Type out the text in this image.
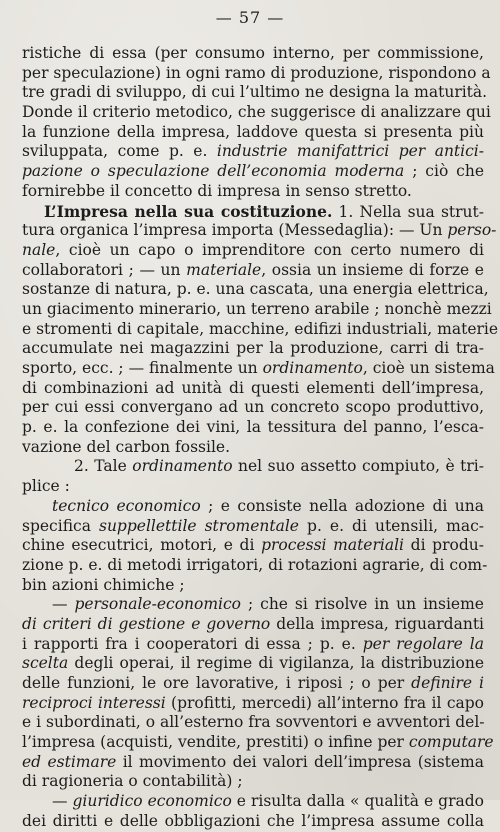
— 57 —
ristiche di essa (per consumo interno, per commissione,
per speculazione) in ogni ramo di produzione, rispondono a
tre gradi di sviluppo, di cui l’ultimo ne designa la maturità.
Donde il criterio metodico, che suggerisce di analizzare qui
la funzione della impresa, laddove questa si presenta più
sviluppata, come p. e. industrie manifattrici per antici-
pazione o speculazione dell’economia moderna ; ciò che
fornirebbe il concetto di impresa in senso stretto.
L’Impresa nella sua costituzione. 1. Nella sua strut-
tura organica l’impresa importa (Messedaglia): — Un perso-
nale, cioè un capo o imprenditore con certo numero di
collaboratori ; — un materiale, ossia un insieme di forze e
sostanze di natura, p. e. una cascata, una energia elettrica,
un giacimento minerario, un terreno arabile ; nonchè mezzi
e stromenti di capitale, macchine, edifizi industriali, materie
accumulate nei magazzini per la produzione, carri di tra-
sporto, ecc. ; — finalmente un ordinamento, cioè un sistema
di combinazioni ad unità di questi elementi dell’impresa,
per cui essi convergano ad un concreto scopo produttivo,
p. e. la confezione dei vini, la tessitura del panno, l’esca-
vazione del carbon fossile.
2. Tale ordinamento nel suo assetto compiuto, è tri-
plice :
tecnico economico ; e consiste nella adozione di una
specifica suppellettile stromentale p. e. di utensili, mac-
chine esecutrici, motori, e di processi materiali di produ-
zione p. e. di metodi irrigatori, di rotazioni agrarie, di com-
bin azioni chimiche ;
— personale-economico ; che si risolve in un insieme
di criteri di gestione e governo della impresa, riguardanti
i rapporti fra i cooperatori di essa ; p. e. per regolare la
scelta degli operai, il regime di vigilanza, la distribuzione
delle funzioni, le ore lavorative, i riposi ; o per definire i
reciproci interessi (profitti, mercedi) all’interno fra il capo
e i subordinati, o all’esterno fra sovventori e avventori del-
l’impresa (acquisti, vendite, prestiti) o infine per computare
ed estimare il movimento dei valori dell’impresa (sistema
di ragioneria o contabilità) ;
— giuridico economico e risulta dalla « qualità e grado
dei diritti e delle obbligazioni che l’impresa assume colla
